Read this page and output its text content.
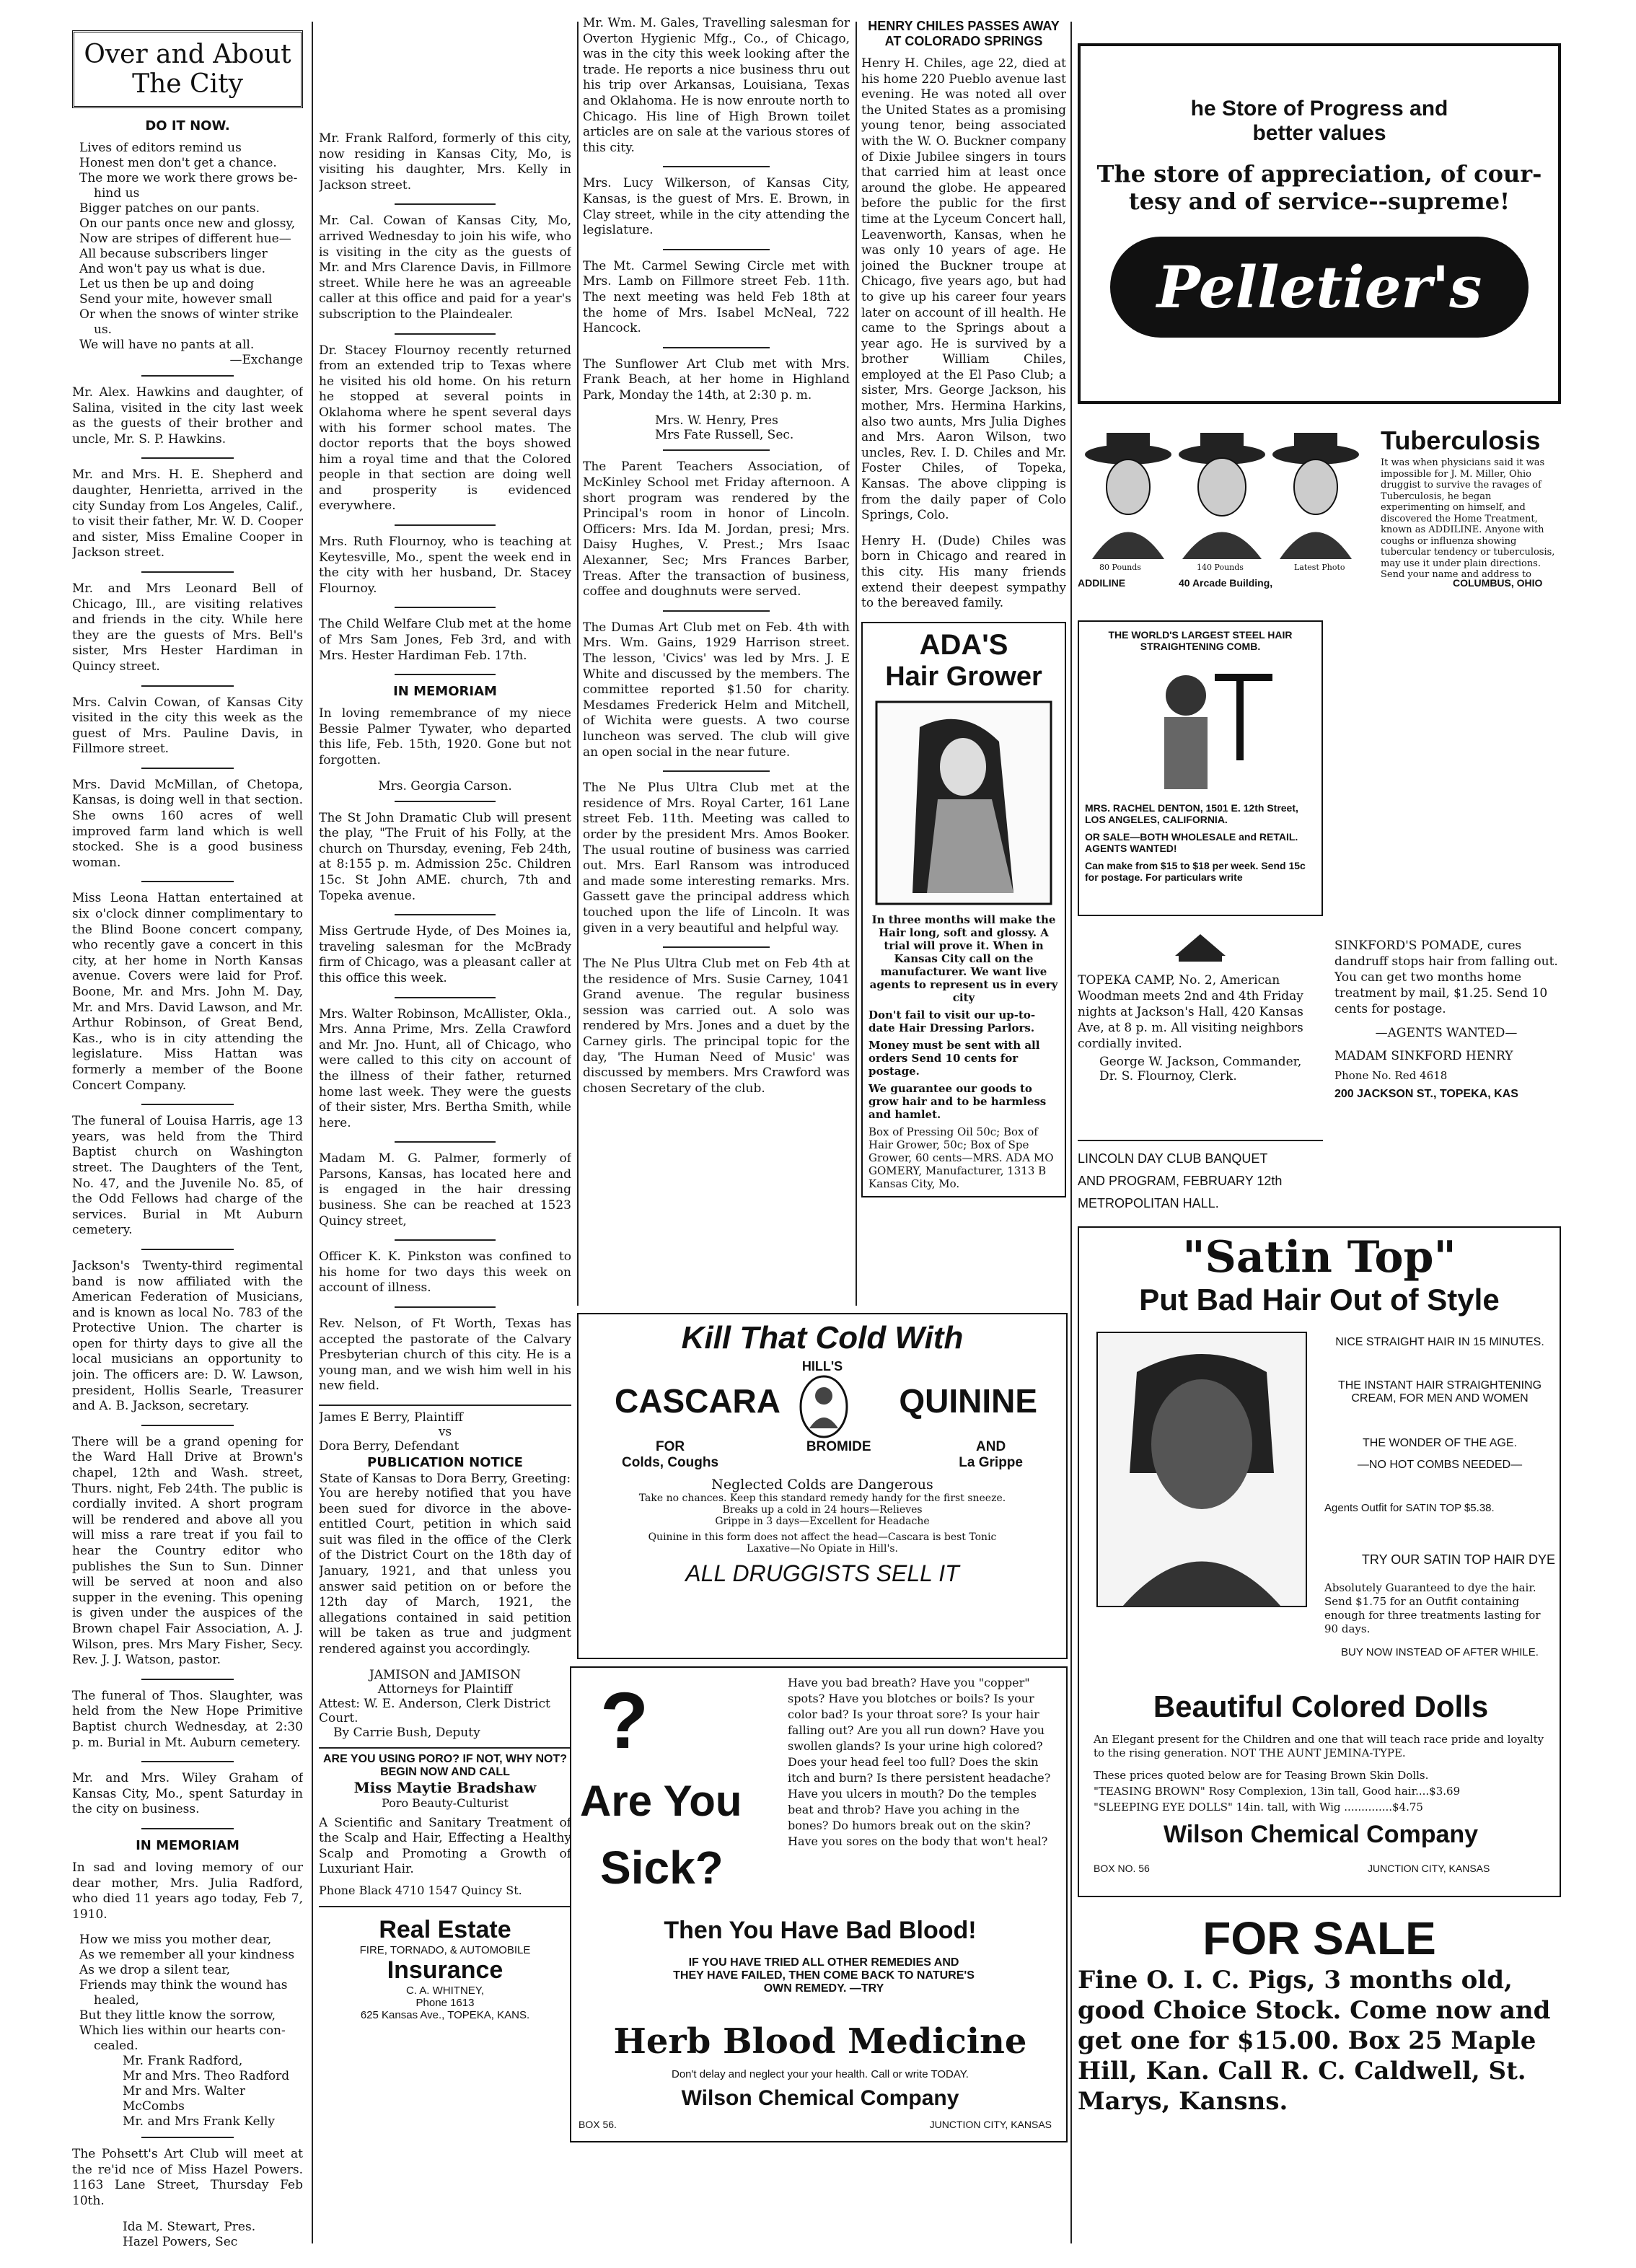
Over and About The City
DO IT NOW.
Lives of editors remind us
Honest men don't get a chance.
The more we work there grows be-
hind us
Bigger patches on our pants.
On our pants once new and glossy,
Now are stripes of different hue—
All because subscribers linger
And won't pay us what is due.
Let us then be up and doing
Send your mite, however small
Or when the snows of winter strike
us.
We will have no pants at all.
—Exchange

Mr. Alex. Hawkins and daughter, of Salina, visited in the city last week as the guests of their brother and uncle, Mr. S. P. Hawkins.

Mr. and Mrs. H. E. Shepherd and daughter, Henrietta, arrived in the city Sunday from Los Angeles, Calif., to visit their father, Mr. W. D. Cooper and sister, Miss Emaline Cooper in Jackson street.

Mr. and Mrs Leonard Bell of Chicago, Ill., are visiting relatives and friends in the city. While here they are the guests of Mrs. Bell's sister, Mrs Hester Hardiman in Quincy street.

Mrs. Calvin Cowan, of Kansas City visited in the city this week as the guest of Mrs. Pauline Davis, in Fillmore street.

Mrs. David McMillan, of Chetopa, Kansas, is doing well in that section. She owns 160 acres of well improved farm land which is well stocked. She is a good business woman.

Miss Leona Hattan entertained at six o'clock dinner complimentary to the Blind Boone concert company, who recently gave a concert in this city, at her home in North Kansas avenue. Covers were laid for Prof. Boone, Mr. and Mrs. John M. Day, Mr. and Mrs. David Lawson, and Mr. Arthur Robinson, of Great Bend, Kas., who is in city attending the legislature. Miss Hattan was formerly a member of the Boone Concert Company.

The funeral of Louisa Harris, age 13 years, was held from the Third Baptist church on Washington street. The Daughters of the Tent, No. 47, and the Juvenile No. 85, of the Odd Fellows had charge of the services. Burial in Mt Auburn cemetery.

Jackson's Twenty-third regimental band is now affiliated with the American Federation of Musicians, and is known as local No. 783 of the Protective Union. The charter is open for thirty days to give all the local musicians an opportunity to join. The officers are: D. W. Lawson, president, Hollis Searle, Treasurer and A. B. Jackson, secretary.

There will be a grand opening for the Ward Hall Drive at Brown's chapel, 12th and Wash. street, Thurs. night, Feb 24th. The public is cordially invited. A short program will be rendered and above all you will miss a rare treat if you fail to hear the Country editor who publishes the Sun to Sun. Dinner will be served at noon and also supper in the evening. This opening is given under the auspices of the Brown chapel Fair Association, A. J. Wilson, pres. Mrs Mary Fisher, Secy. Rev. J. J. Watson, pastor.

The funeral of Thos. Slaughter, was held from the New Hope Primitive Baptist church Wednesday, at 2:30 p. m. Burial in Mt. Auburn cemetery.

Mr. and Mrs. Wiley Graham of Kansas City, Mo., spent Saturday in the city on business.

IN MEMORIAM

In sad and loving memory of our dear mother, Mrs. Julia Radford, who died 11 years ago today, Feb 7, 1910.

How we miss you mother dear,
As we remember all your kindness
As we drop a silent tear,
Friends may think the wound has
healed,
But they little know the sorrow,
Which lies within our hearts con-
cealed.
Mr. Frank Radford,
Mr and Mrs. Theo Radford
Mr and Mrs. Walter McCombs
Mr. and Mrs Frank Kelly

The Pohsett's Art Club will meet at the re'id nce of Miss Hazel Powers. 1163 Lane Street, Thursday Feb 10th.

Ida M. Stewart, Pres.
Hazel Powers, Sec

Mr. Frank Ralford, formerly of this city, now residing in Kansas City, Mo, is visiting his daughter, Mrs. Kelly in Jackson street.

Mr. Cal. Cowan of Kansas City, Mo, arrived Wednesday to join his wife, who is visiting in the city as the guests of Mr. and Mrs Clarence Davis, in Fillmore street. While here he was an agreeable caller at this office and paid for a year's subscription to the Plaindealer.

Dr. Stacey Flournoy recently returned from an extended trip to Texas where he visited his old home. On his return he stopped at several points in Oklahoma where he spent several days with his former school mates. The doctor reports that the boys showed him a royal time and that the Colored people in that section are doing well and prosperity is evidenced everywhere.

Mrs. Ruth Flournoy, who is teaching at Keytesville, Mo., spent the week end in the city with her husband, Dr. Stacey Flournoy.

The Child Welfare Club met at the home of Mrs Sam Jones, Feb 3rd, and with Mrs. Hester Hardiman Feb. 17th.

IN MEMORIAM

In loving remembrance of my niece Bessie Palmer Tywater, who departed this life, Feb. 15th, 1920. Gone but not forgotten.

Mrs. Georgia Carson.

The St John Dramatic Club will present the play, "The Fruit of his Folly, at the church on Thursday, evening, Feb 24th, at 8:155 p. m. Admission 25c. Children 15c. St John AME. church, 7th and Topeka avenue.

Miss Gertrude Hyde, of Des Moines ia, traveling salesman for the McBrady firm of Chicago, was a pleasant caller at this office this week.

Mrs. Walter Robinson, McAllister, Okla., Mrs. Anna Prime, Mrs. Zella Crawford and Mr. Jno. Hunt, all of Chicago, who were called to this city on account of the illness of their father, returned home last week. They were the guests of their sister, Mrs. Bertha Smith, while here.

Madam M. G. Palmer, formerly of Parsons, Kansas, has located here and is engaged in the hair dressing business. She can be reached at 1523 Quincy street,

Officer K. K. Pinkston was confined to his home for two days this week on account of illness.

Rev. Nelson, of Ft Worth, Texas has accepted the pastorate of the Calvary Presbyterian church of this city. He is a young man, and we wish him well in his new field.

James E Berry, Plaintiff
vs
Dora Berry, Defendant
PUBLICATION NOTICE
State of Kansas to Dora Berry, Greeting:

You are hereby notified that you have been sued for divorce in the above-entitled Court, petition in which said suit was filed in the office of the Clerk of the District Court on the 18th day of January, 1921, and that unless you answer said petition on or before the 12th day of March, 1921, the allegations contained in said petition will be taken as true and judgment rendered against you accordingly.

JAMISON and JAMISON
Attorneys for Plaintiff
Attest: W. E. Anderson, Clerk District Court.
By Carrie Bush, Deputy
ARE YOU USING PORO? IF NOT, WHY NOT? BEGIN NOW AND CALL
Miss Maytie Bradshaw
Poro Beauty-Culturist

A Scientific and Sanitary Treatment of the Scalp and Hair, Effecting a Healthy Scalp and Promoting a Growth of Luxuriant Hair.

Phone Black 4710 1547 Quincy St.
Real Estate
FIRE, TORNADO, & AUTOMOBILE
Insurance
C. A. WHITNEY,
Phone 1613
625 Kansas Ave., TOPEKA, KANS.

Mr. Wm. M. Gales, Travelling salesman for Overton Hygienic Mfg., Co., of Chicago, was in the city this week looking after the trade. He reports a nice business thru out his trip over Arkansas, Louisiana, Texas and Oklahoma. He is now enroute north to Chicago. His line of High Brown toilet articles are on sale at the various stores of this city.

Mrs. Lucy Wilkerson, of Kansas City, Kansas, is the guest of Mrs. E. Brown, in Clay street, while in the city attending the legislature.

The Mt. Carmel Sewing Circle met with Mrs. Lamb on Fillmore street Feb. 11th. The next meeting was held Feb 18th at the home of Mrs. Isabel McNeal, 722 Hancock.

The Sunflower Art Club met with Mrs. Frank Beach, at her home in Highland Park, Monday the 14th, at 2:30 p. m.

Mrs. W. Henry, Pres
Mrs Fate Russell, Sec.

The Parent Teachers Association, of McKinley School met Friday afternoon. A short program was rendered by the Principal's room in honor of Lincoln. Officers: Mrs. Ida M. Jordan, presi; Mrs. Daisy Hughes, V. Prest.; Mrs Isaac Alexanner, Sec; Mrs Frances Barber, Treas. After the transaction of business, coffee and doughnuts were served.

The Dumas Art Club met on Feb. 4th with Mrs. Wm. Gains, 1929 Harrison street. The lesson, 'Civics' was led by Mrs. J. E White and discussed by the members. The committee reported $1.50 for charity. Mesdames Frederick Helm and Mitchell, of Wichita were guests. A two course luncheon was served. The club will give an open social in the near future.

The Ne Plus Ultra Club met at the residence of Mrs. Royal Carter, 161 Lane street Feb. 11th. Meeting was called to order by the president Mrs. Amos Booker. The usual routine of business was carried out. Mrs. Earl Ransom was introduced and made some interesting remarks. Mrs. Gassett gave the principal address which touched upon the life of Lincoln. It was given in a very beautiful and helpful way.

The Ne Plus Ultra Club met on Feb 4th at the residence of Mrs. Susie Carney, 1041 Grand avenue. The regular business session was carried out. A solo was rendered by Mrs. Jones and a duet by the Carney girls. The principal topic for the day, 'The Human Need of Music' was discussed by members. Mrs Crawford was chosen Secretary of the club.

HENRY CHILES PASSES AWAY AT COLORADO SPRINGS

Henry H. Chiles, age 22, died at his home 220 Pueblo avenue last evening. He was noted all over the United States as a promising young tenor, being associated with the W. O. Buckner company of Dixie Jubilee singers in tours that carried him at least once around the globe. He appeared before the public for the first time at the Lyceum Concert hall, Leavenworth, Kansas, when he was only 10 years of age. He joined the Buckner troupe at Chicago, five years ago, but had to give up his career four years later on account of ill health. He came to the Springs about a year ago. He is survived by a brother William Chiles, employed at the El Paso Club; a sister, Mrs. George Jackson, his mother, Mrs. Hermina Harkins, also two aunts, Mrs Julia Dighes and Mrs. Aaron Wilson, two uncles, Rev. I. D. Chiles and Mr. Foster Chiles, of Topeka, Kansas. The above clipping is from the daily paper of Colo Springs, Colo.

Henry H. (Dude) Chiles was born in Chicago and reared in this city. His many friends extend their deepest sympathy to the bereaved family.

ADA'S
Hair Grower
In three months will make the Hair long, soft and glossy. A trial will prove it. When in Kansas City call on the manufacturer. We want live agents to represent us in every city
Don't fail to visit our up-to-date Hair Dressing Parlors.
Money must be sent with all orders Send 10 cents for postage.
We guarantee our goods to grow hair and to be harmless and hamlet.
Box of Pressing Oil 50c; Box of Hair Grower, 50c; Box of Spe Grower, 60 cents—MRS. ADA MO GOMERY, Manufacturer, 1313 B Kansas City, Mo.
Kill That Cold With
HILL'S
CASCARA	QUININE
FOR
Colds, Coughs
BROMIDE	AND
La Grippe
Neglected Colds are Dangerous
Take no chances. Keep this standard remedy handy for the first sneeze.
Breaks up a cold in 24 hours—Relieves
Grippe in 3 days—Excellent for Headache
Quinine in this form does not affect the head—Cascara is best Tonic
Laxative—No Opiate in Hill's.
ALL DRUGGISTS SELL IT
?
Are You
Sick?
Have you bad breath? Have you "copper" spots? Have you blotches or boils? Is your color bad? Is your throat sore? Is your hair falling out? Are you all run down? Have you swollen glands? Is your urine high colored? Does your head feel too full? Does the skin itch and burn? Is there persistent headache? Have you ulcers in mouth? Do the temples beat and throb? Have you aching in the bones? Do humors break out on the skin? Have you sores on the body that won't heal?
Then You Have Bad Blood!
IF YOU HAVE TRIED ALL OTHER REMEDIES AND THEY HAVE FAILED, THEN COME BACK TO NATURE'S OWN REMEDY. —TRY
Herb Blood Medicine
Don't delay and neglect your your health. Call or write TODAY.
Wilson Chemical Company
BOX 56.	JUNCTION CITY, KANSAS
he Store of Progress and
better values
The store of appreciation, of cour-
tesy and of service--supreme!
Pelletier's
80 Pounds	140 Pounds	Latest Photo
Tuberculosis
It was when physicians said it was impossible for J. M. Miller, Ohio druggist to survive the ravages of Tuberculosis, he began experimenting on himself, and discovered the Home Treatment, known as ADDILINE. Anyone with coughs or influenza showing tubercular tendency or tuberculosis, may use it under plain directions. Send your name and address to
ADDILINE	40 Arcade Building,	COLUMBUS, OHIO
THE WORLD'S LARGEST STEEL HAIR STRAIGHTENING COMB.
MRS. RACHEL DENTON, 1501 E. 12th Street, LOS ANGELES, CALIFORNIA.
OR SALE—BOTH WHOLESALE and RETAIL. AGENTS WANTED!
Can make from $15 to $18 per week. Send 15c for postage. For particulars write
TOPEKA CAMP, No. 2, American Woodman meets 2nd and 4th Friday nights at Jackson's Hall, 420 Kansas Ave, at 8 p. m. All visiting neighbors cordially invited.
George W. Jackson, Commander,
Dr. S. Flournoy, Clerk.
SINKFORD'S POMADE, cures dandruff stops hair from falling out. You can get two months home treatment by mail, $1.25. Send 10 cents for postage.
—AGENTS WANTED—
MADAM SINKFORD HENRY
Phone No. Red 4618
200 JACKSON ST., TOPEKA, KAS
LINCOLN DAY CLUB BANQUET
AND PROGRAM, FEBRUARY 12th
METROPOLITAN HALL.
"Satin Top"
Put Bad Hair Out of Style
NICE STRAIGHT HAIR IN 15 MINUTES.
THE INSTANT HAIR STRAIGHTENING CREAM, FOR MEN AND WOMEN
THE WONDER OF THE AGE.
—NO HOT COMBS NEEDED—
Agents Outfit for SATIN TOP $5.38.
TRY OUR SATIN TOP HAIR DYE
Absolutely Guaranteed to dye the hair. Send $1.75 for an Outfit containing enough for three treatments lasting for 90 days.
BUY NOW INSTEAD OF AFTER WHILE.
Beautiful Colored Dolls
An Elegant present for the Children and one that will teach race pride and loyalty to the rising generation. NOT THE AUNT JEMINA-TYPE.
These prices quoted below are for Teasing Brown Skin Dolls.
"TEASING BROWN" Rosy Complexion, 13in tall, Good hair....$3.69
"SLEEPING EYE DOLLS" 14in. tall, with Wig ..............$4.75
Wilson Chemical Company
BOX NO. 56	JUNCTION CITY, KANSAS
FOR SALE
Fine O. I. C. Pigs, 3 months old, good Choice Stock. Come now and get one for $15.00. Box 25 Maple Hill, Kan. Call R. C. Caldwell, St. Marys, Kansns.
